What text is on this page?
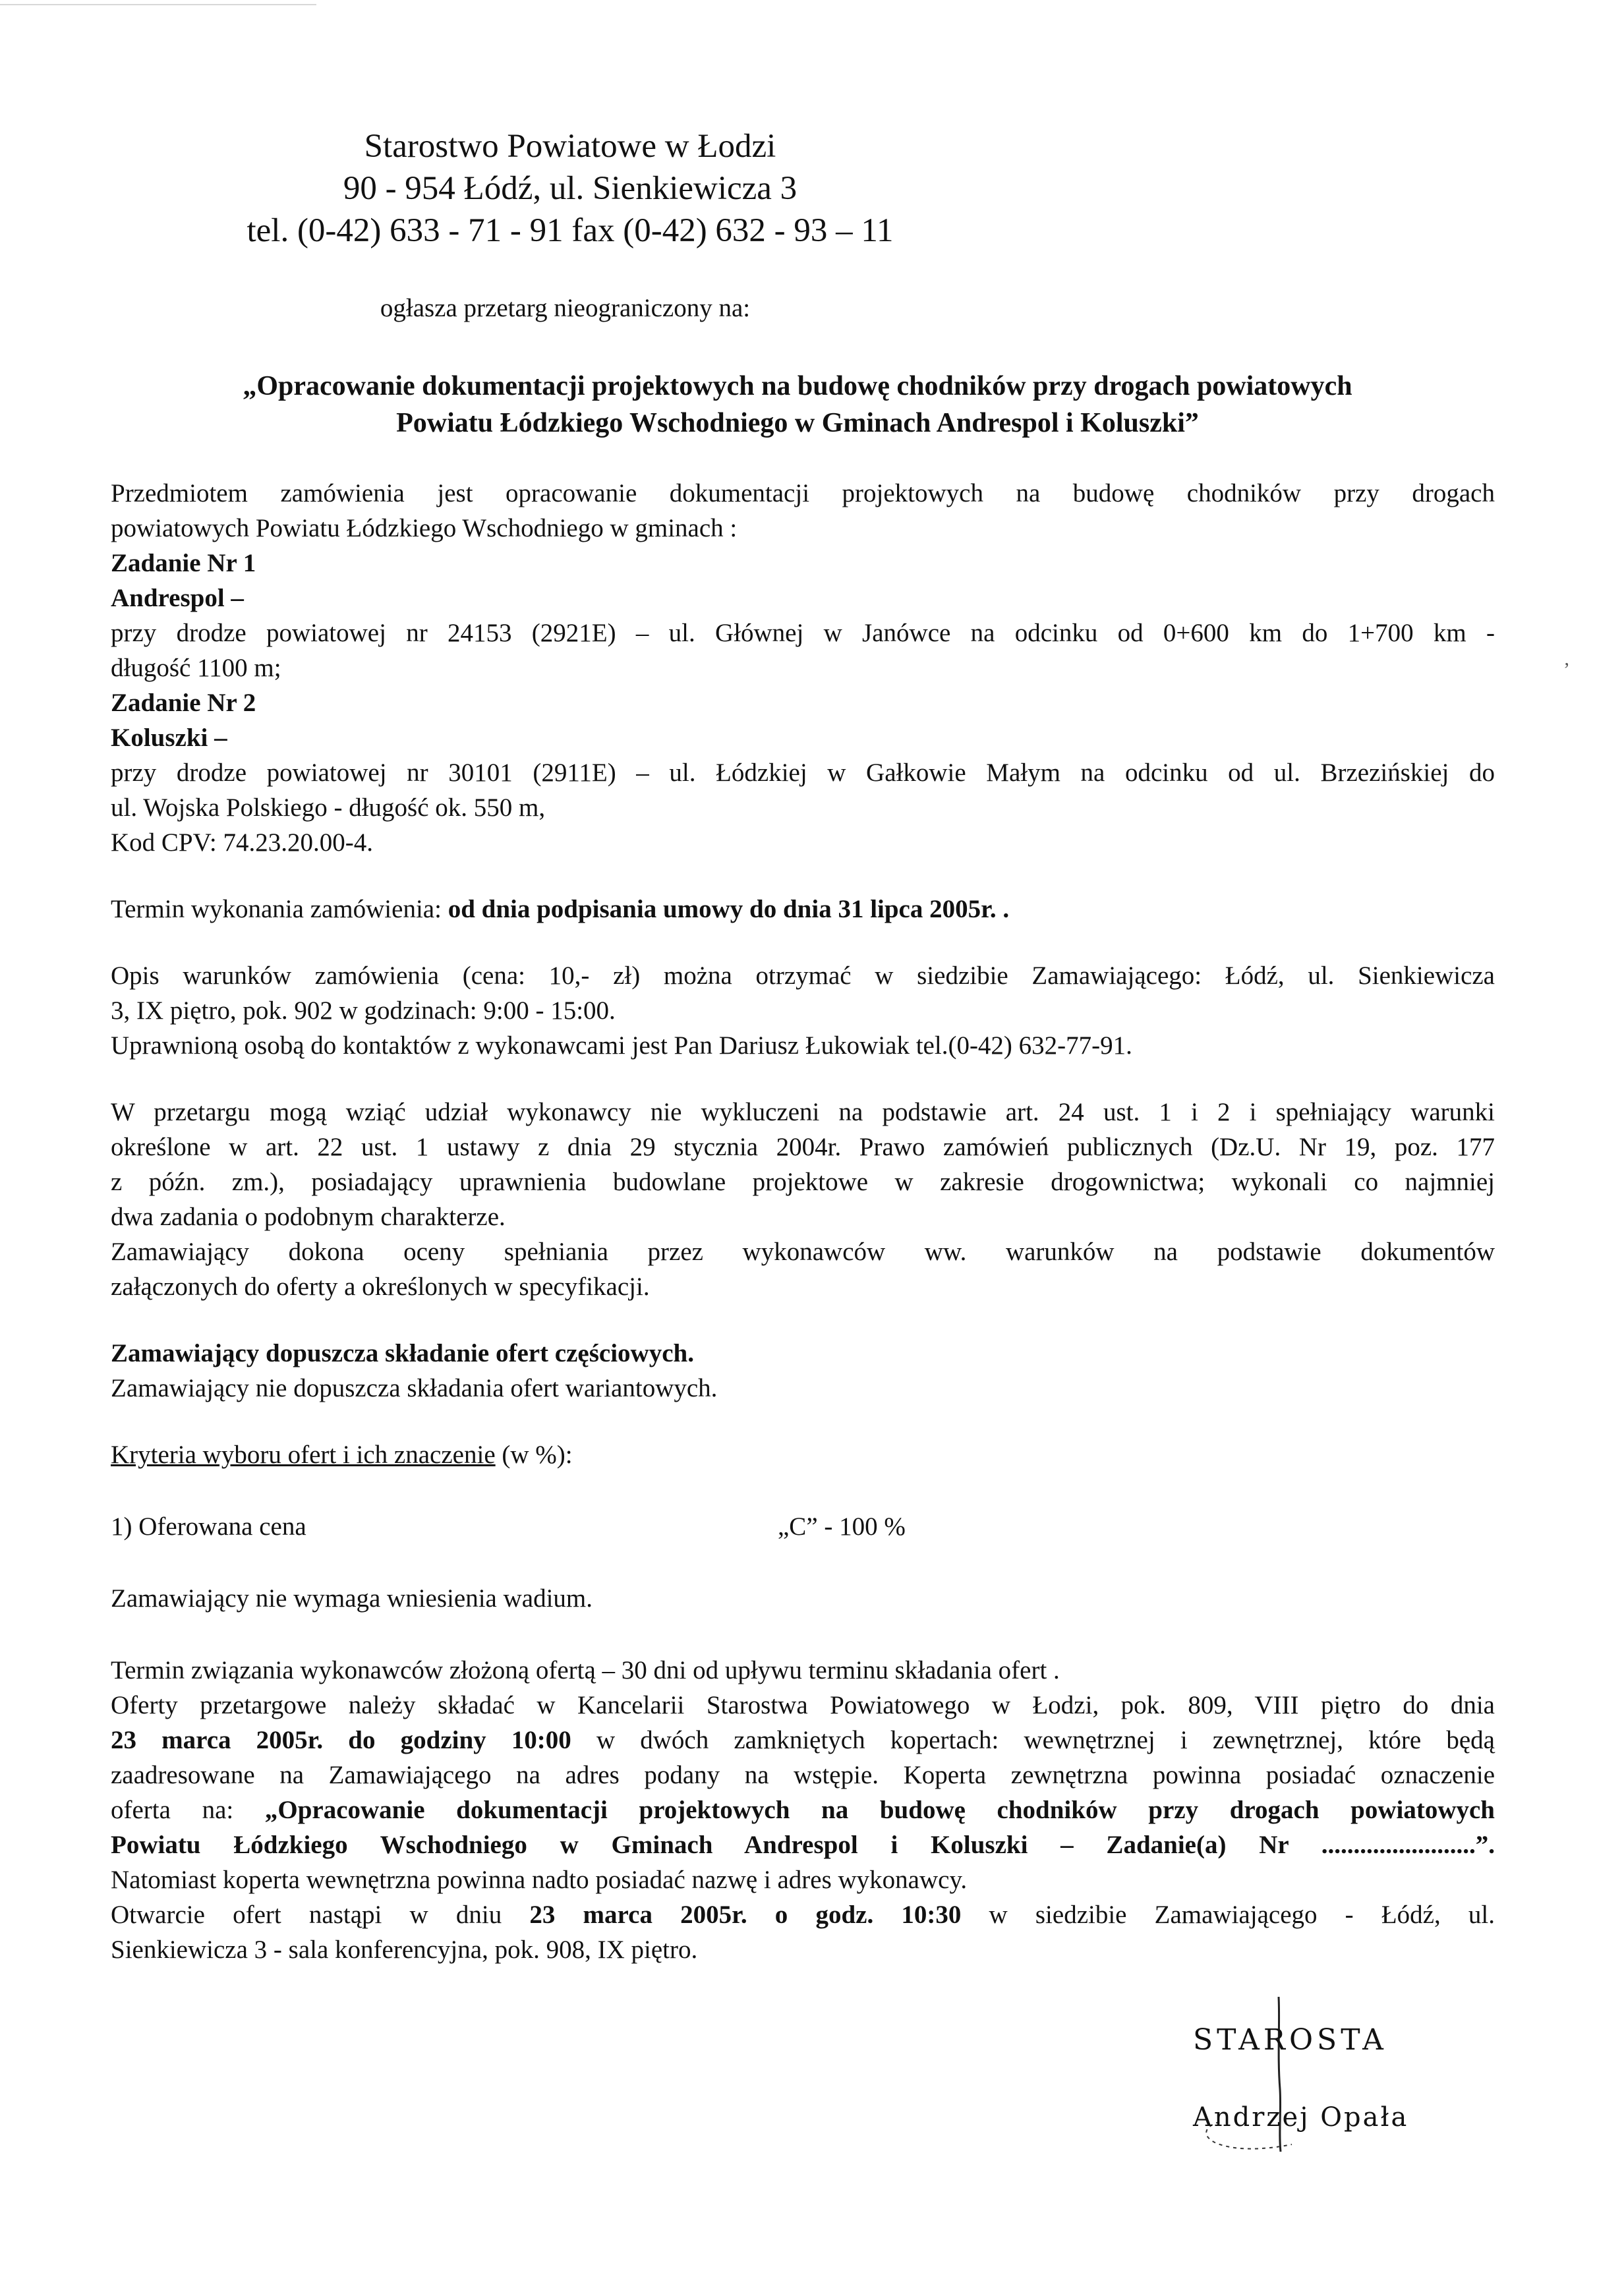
Starostwo Powiatowe w Łodzi
90 - 954 Łódź, ul. Sienkiewicza 3
tel. (0-42) 633 - 71 - 91 fax (0-42) 632 - 93 – 11
ogłasza przetarg nieograniczony na:
„Opracowanie dokumentacji projektowych na budowę chodników przy drogach powiatowych
Powiatu Łódzkiego Wschodniego w Gminach Andrespol i Koluszki”
Przedmiotem zamówienia jest opracowanie dokumentacji projektowych na budowę chodników przy drogach
powiatowych Powiatu Łódzkiego Wschodniego w gminach :
Zadanie Nr 1
Andrespol –
przy drodze powiatowej nr 24153 (2921E) – ul. Głównej w Janówce na odcinku od 0+600 km do 1+700 km -
długość 1100 m;
Zadanie Nr 2
Koluszki –
przy drodze powiatowej nr 30101 (2911E) – ul. Łódzkiej w Gałkowie Małym na odcinku od ul. Brzezińskiej do
ul. Wojska Polskiego - długość ok. 550 m,
Kod CPV: 74.23.20.00-4.
Termin wykonania zamówienia: od dnia podpisania umowy do dnia 31 lipca 2005r. .
Opis warunków zamówienia (cena: 10,- zł) można otrzymać w siedzibie Zamawiającego: Łódź, ul. Sienkiewicza
3, IX piętro, pok. 902 w godzinach: 9:00 - 15:00.
Uprawnioną osobą do kontaktów z wykonawcami jest Pan Dariusz Łukowiak tel.(0-42) 632-77-91.
W przetargu mogą wziąć udział wykonawcy nie wykluczeni na podstawie art. 24 ust. 1 i 2 i spełniający warunki
określone w art. 22 ust. 1 ustawy z dnia 29 stycznia 2004r. Prawo zamówień publicznych (Dz.U. Nr 19, poz. 177
z późn. zm.), posiadający uprawnienia budowlane projektowe w zakresie drogownictwa; wykonali co najmniej
dwa zadania o podobnym charakterze.
Zamawiający dokona oceny spełniania przez wykonawców ww. warunków na podstawie dokumentów
załączonych do oferty a określonych w specyfikacji.
Zamawiający dopuszcza składanie ofert częściowych.
Zamawiający nie dopuszcza składania ofert wariantowych.
Kryteria wyboru ofert i ich znaczenie (w %):
1) Oferowana cena	„C” - 100 %
Zamawiający nie wymaga wniesienia wadium.
Termin związania wykonawców złożoną ofertą – 30 dni od upływu terminu składania ofert .
Oferty przetargowe należy składać w Kancelarii Starostwa Powiatowego w Łodzi, pok. 809, VIII piętro do dnia
23 marca 2005r. do godziny 10:00 w dwóch zamkniętych kopertach: wewnętrznej i zewnętrznej, które będą
zaadresowane na Zamawiającego na adres podany na wstępie. Koperta zewnętrzna powinna posiadać oznaczenie
oferta na: „Opracowanie dokumentacji projektowych na budowę chodników przy drogach powiatowych
Powiatu Łódzkiego Wschodniego w Gminach Andrespol i Koluszki – Zadanie(a) Nr ........................”.
Natomiast koperta wewnętrzna powinna nadto posiadać nazwę i adres wykonawcy.
Otwarcie ofert nastąpi w dniu 23 marca 2005r. o godz. 10:30 w siedzibie Zamawiającego - Łódź, ul.
Sienkiewicza 3 - sala konferencyjna, pok. 908, IX piętro.
ʼ
STAROSTA
Andrzej Opała
